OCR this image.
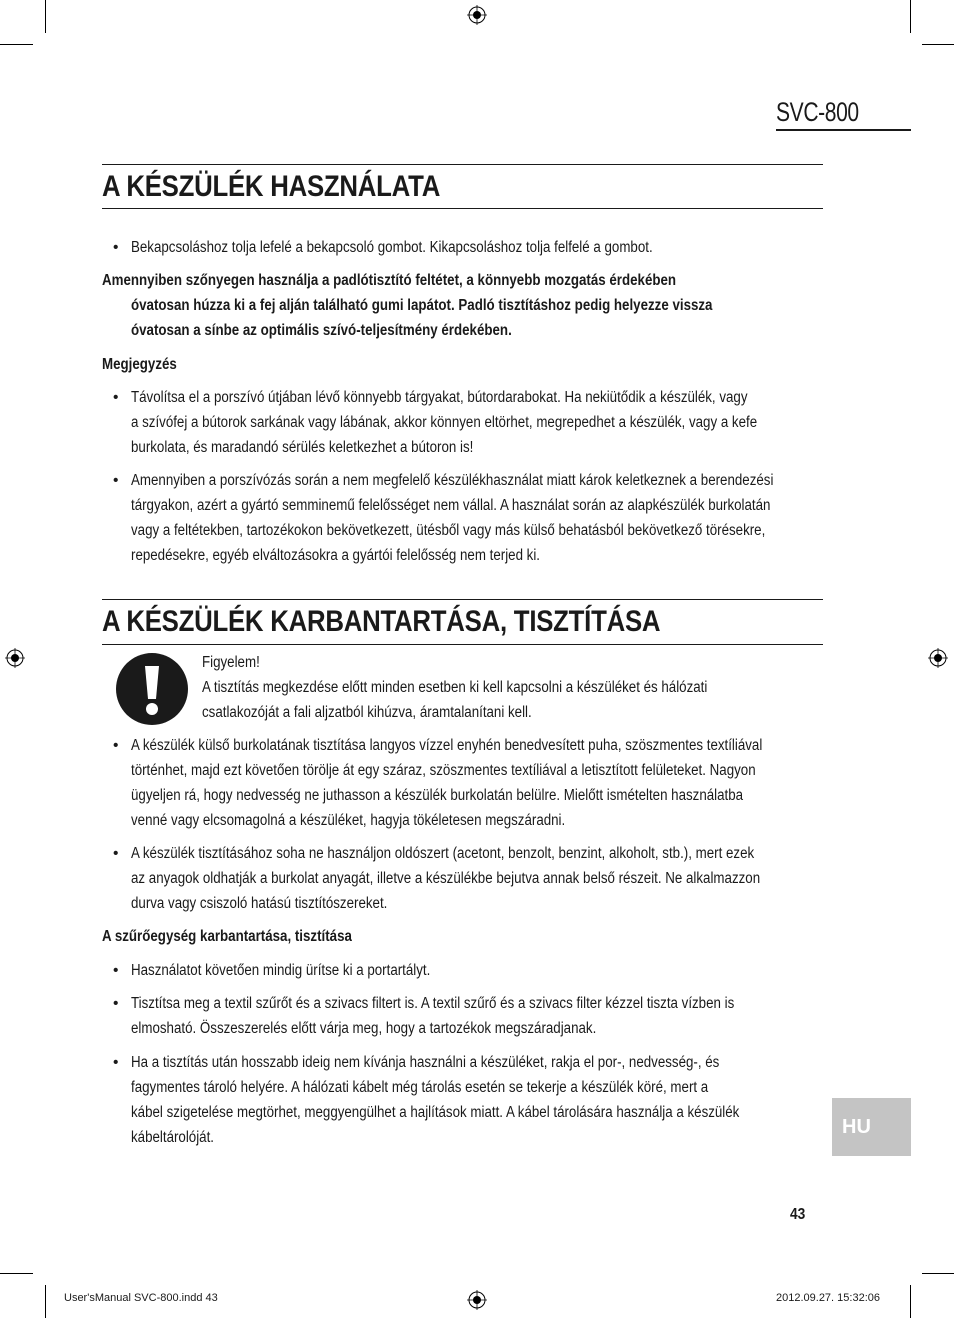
SVC-800
A KÉSZÜLÉK HASZNÁLATA
• Bekapcsoláshoz tolja lefelé a bekapcsoló gombot. Kikapcsoláshoz tolja felfelé a gombot.
Amennyiben szőnyegen használja a padlótisztító feltétet, a könnyebb mozgatás érdekében
óvatosan húzza ki a fej alján található gumi lapátot. Padló tisztításhoz pedig helyezze vissza
óvatosan a sínbe az optimális szívó-teljesítmény érdekében.
Megjegyzés
• Távolítsa el a porszívó útjában lévő könnyebb tárgyakat, bútordarabokat. Ha nekiütődik a készülék, vagy
a szívófej a bútorok sarkának vagy lábának, akkor könnyen eltörhet, megrepedhet a készülék, vagy a kefe
burkolata, és maradandó sérülés keletkezhet a bútoron is!
• Amennyiben a porszívózás során a nem megfelelő készülékhasználat miatt károk keletkeznek a berendezési
tárgyakon, azért a gyártó semminemű felelősséget nem vállal. A használat során az alapkészülék burkolatán
vagy a feltétekben, tartozékokon bekövetkezett, ütésből vagy más külső behatásból bekövetkező törésekre,
repedésekre, egyéb elváltozásokra a gyártói felelősség nem terjed ki.
A KÉSZÜLÉK KARBANTARTÁSA, TISZTÍTÁSA
Figyelem!
A tisztítás megkezdése előtt minden esetben ki kell kapcsolni a készüléket és hálózati
csatlakozóját a fali aljzatból kihúzva, áramtalanítani kell.
• A készülék külső burkolatának tisztítása langyos vízzel enyhén benedvesített puha, szöszmentes textíliával
történhet, majd ezt követően törölje át egy száraz, szöszmentes textíliával a letisztított felületeket. Nagyon
ügyeljen rá, hogy nedvesség ne juthasson a készülék burkolatán belülre. Mielőtt ismételten használatba
venné vagy elcsomagolná a készüléket, hagyja tökéletesen megszáradni.
• A készülék tisztításához soha ne használjon oldószert (acetont, benzolt, benzint, alkoholt, stb.), mert ezek
az anyagok oldhatják a burkolat anyagát, illetve a készülékbe bejutva annak belső részeit. Ne alkalmazzon
durva vagy csiszoló hatású tisztítószereket.
A szűrőegység karbantartása, tisztítása
• Használatot követően mindig ürítse ki a portartályt.
• Tisztítsa meg a textil szűrőt és a szivacs filtert is. A textil szűrő és a szivacs filter kézzel tiszta vízben is
elmosható. Összeszerelés előtt várja meg, hogy a tartozékok megszáradjanak.
• Ha a tisztítás után hosszabb ideig nem kívánja használni a készüléket, rakja el por-, nedvesség-, és
fagymentes tároló helyére. A hálózati kábelt még tárolás esetén se tekerje a készülék köré, mert a
kábel szigetelése megtörhet, meggyengülhet a hajlítások miatt. A kábel tárolására használja a készülék
kábeltárolóját.	HU
43
User'sManual SVC-800.indd 43	2012.09.27. 15:32:06
